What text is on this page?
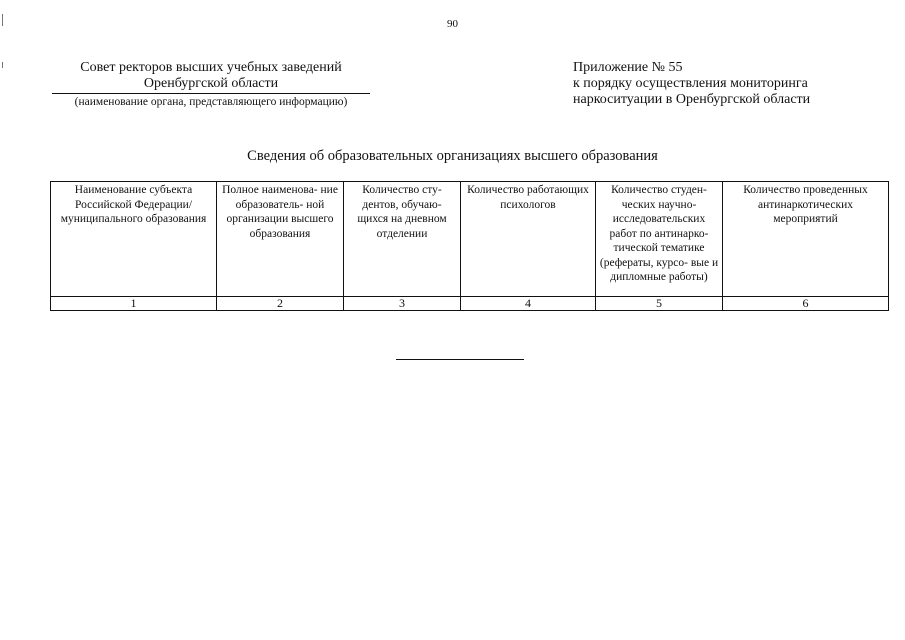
90
Совет ректоров высших учебных заведений
Оренбургской области
(наименование органа, представляющего информацию)
Приложение № 55
к порядку осуществления мониторинга
наркоситуации в Оренбургской области
Сведения об образовательных организациях высшего образования
Наименование субъекта Российской Федерации/ муниципального образования	Полное наименова- ние образователь- ной организации высшего образования	Количество сту- дентов, обучаю- щихся на дневном отделении	Количество работающих психологов	Количество студен- ческих научно- исследовательских работ по антинарко- тической тематике (рефераты, курсо- вые и дипломные работы)	Количество проведенных антинаркотических мероприятий
1	2	3	4	5	6
